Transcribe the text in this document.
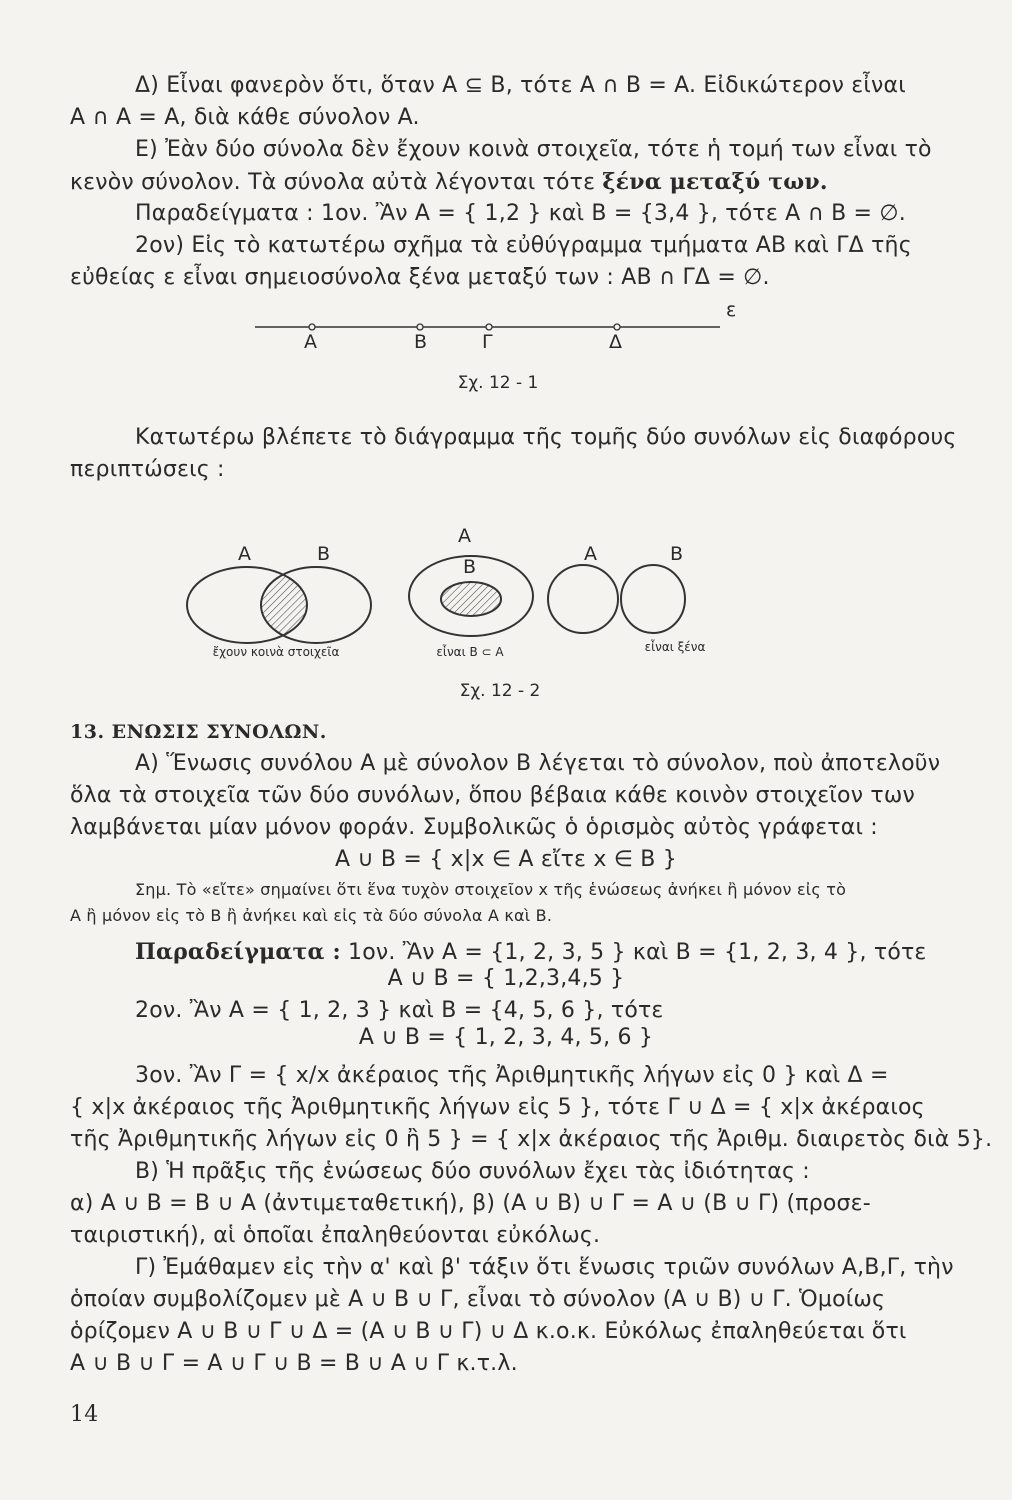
Δ) Εἶναι φανερὸν ὅτι, ὅταν A ⊆ B, τότε A ∩ B = A. Εἰδικώτερον εἶναι
A ∩ A = A, διὰ κάθε σύνολον A.
E) Ἐὰν δύο σύνολα δὲν ἔχουν κοινὰ στοιχεῖα, τότε ἡ τομή των εἶναι τὸ
κενὸν σύνολον. Τὰ σύνολα αὐτὰ λέγονται τότε ξένα μεταξύ των.
Παραδείγματα : 1ον. Ἂν A = { 1,2 } καὶ B = {3,4 }, τότε A ∩ B = ∅.
2ον) Εἰς τὸ κατωτέρω σχῆμα τὰ εὐθύγραμμα τμήματα AB καὶ ΓΔ τῆς
εὐθείας ε εἶναι σημειοσύνολα ξένα μεταξύ των : AB ∩ ΓΔ = ∅.
ε
A	B	Γ	Δ
Σχ. 12 - 1
Κατωτέρω βλέπετε τὸ διάγραμμα τῆς τομῆς δύο συνόλων εἰς διαφόρους
περιπτώσεις :
A	B
ἔχουν κοινὰ στοιχεῖα
A
B
εἶναι B ⊂ A
A	B
εἶναι ξένα
Σχ. 12 - 2
13. ΕΝΩΣΙΣ ΣΥΝΟΛΩΝ.
A) Ἕνωσις συνόλου A μὲ σύνολον B λέγεται τὸ σύνολον, ποὺ ἀποτελοῦν
ὅλα τὰ στοιχεῖα τῶν δύο συνόλων, ὅπου βέβαια κάθε κοινὸν στοιχεῖον των
λαμβάνεται μίαν μόνον φοράν. Συμβολικῶς ὁ ὁρισμὸς αὐτὸς γράφεται :
A ∪ B = { x|x ∈ A εἴτε x ∈ B }
Σημ. Τὸ «εἴτε» σημαίνει ὅτι ἕνα τυχὸν στοιχεῖον x τῆς ἑνώσεως ἀνήκει ἢ μόνον εἰς τὸ
A ἢ μόνον εἰς τὸ B ἢ ἀνήκει καὶ εἰς τὰ δύο σύνολα A καὶ B.
Παραδείγματα : 1ον. Ἂν A = {1, 2, 3, 5 } καὶ B = {1, 2, 3, 4 }, τότε
A ∪ B = { 1,2,3,4,5 }
2ον. Ἂν A = { 1, 2, 3 } καὶ B = {4, 5, 6 }, τότε
A ∪ B = { 1, 2, 3, 4, 5, 6 }
3ον. Ἂν Γ = { x/x ἀκέραιος τῆς Ἀριθμητικῆς λήγων εἰς 0 } καὶ Δ =
{ x|x ἀκέραιος τῆς Ἀριθμητικῆς λήγων εἰς 5 }, τότε Γ ∪ Δ = { x|x ἀκέραιος
τῆς Ἀριθμητικῆς λήγων εἰς 0 ἢ 5 } = { x|x ἀκέραιος τῆς Ἀριθμ. διαιρετὸς διὰ 5}.
B) Ἡ πρᾶξις τῆς ἑνώσεως δύο συνόλων ἔχει τὰς ἰδιότητας :
α) A ∪ B = B ∪ A (ἀντιμεταθετική), β) (A ∪ B) ∪ Γ = A ∪ (B ∪ Γ) (προσε-
ταιριστική), αἱ ὁποῖαι ἐπαληθεύονται εὐκόλως.
Γ) Ἐμάθαμεν εἰς τὴν α' καὶ β' τάξιν ὅτι ἕνωσις τριῶν συνόλων A,B,Γ, τὴν
ὁποίαν συμβολίζομεν μὲ A ∪ B ∪ Γ, εἶναι τὸ σύνολον (A ∪ B) ∪ Γ. Ὁμοίως
ὁρίζομεν A ∪ B ∪ Γ ∪ Δ = (A ∪ B ∪ Γ) ∪ Δ κ.ο.κ. Εὐκόλως ἐπαληθεύεται ὅτι
A ∪ B ∪ Γ = A ∪ Γ ∪ B = B ∪ A ∪ Γ κ.τ.λ.
14
